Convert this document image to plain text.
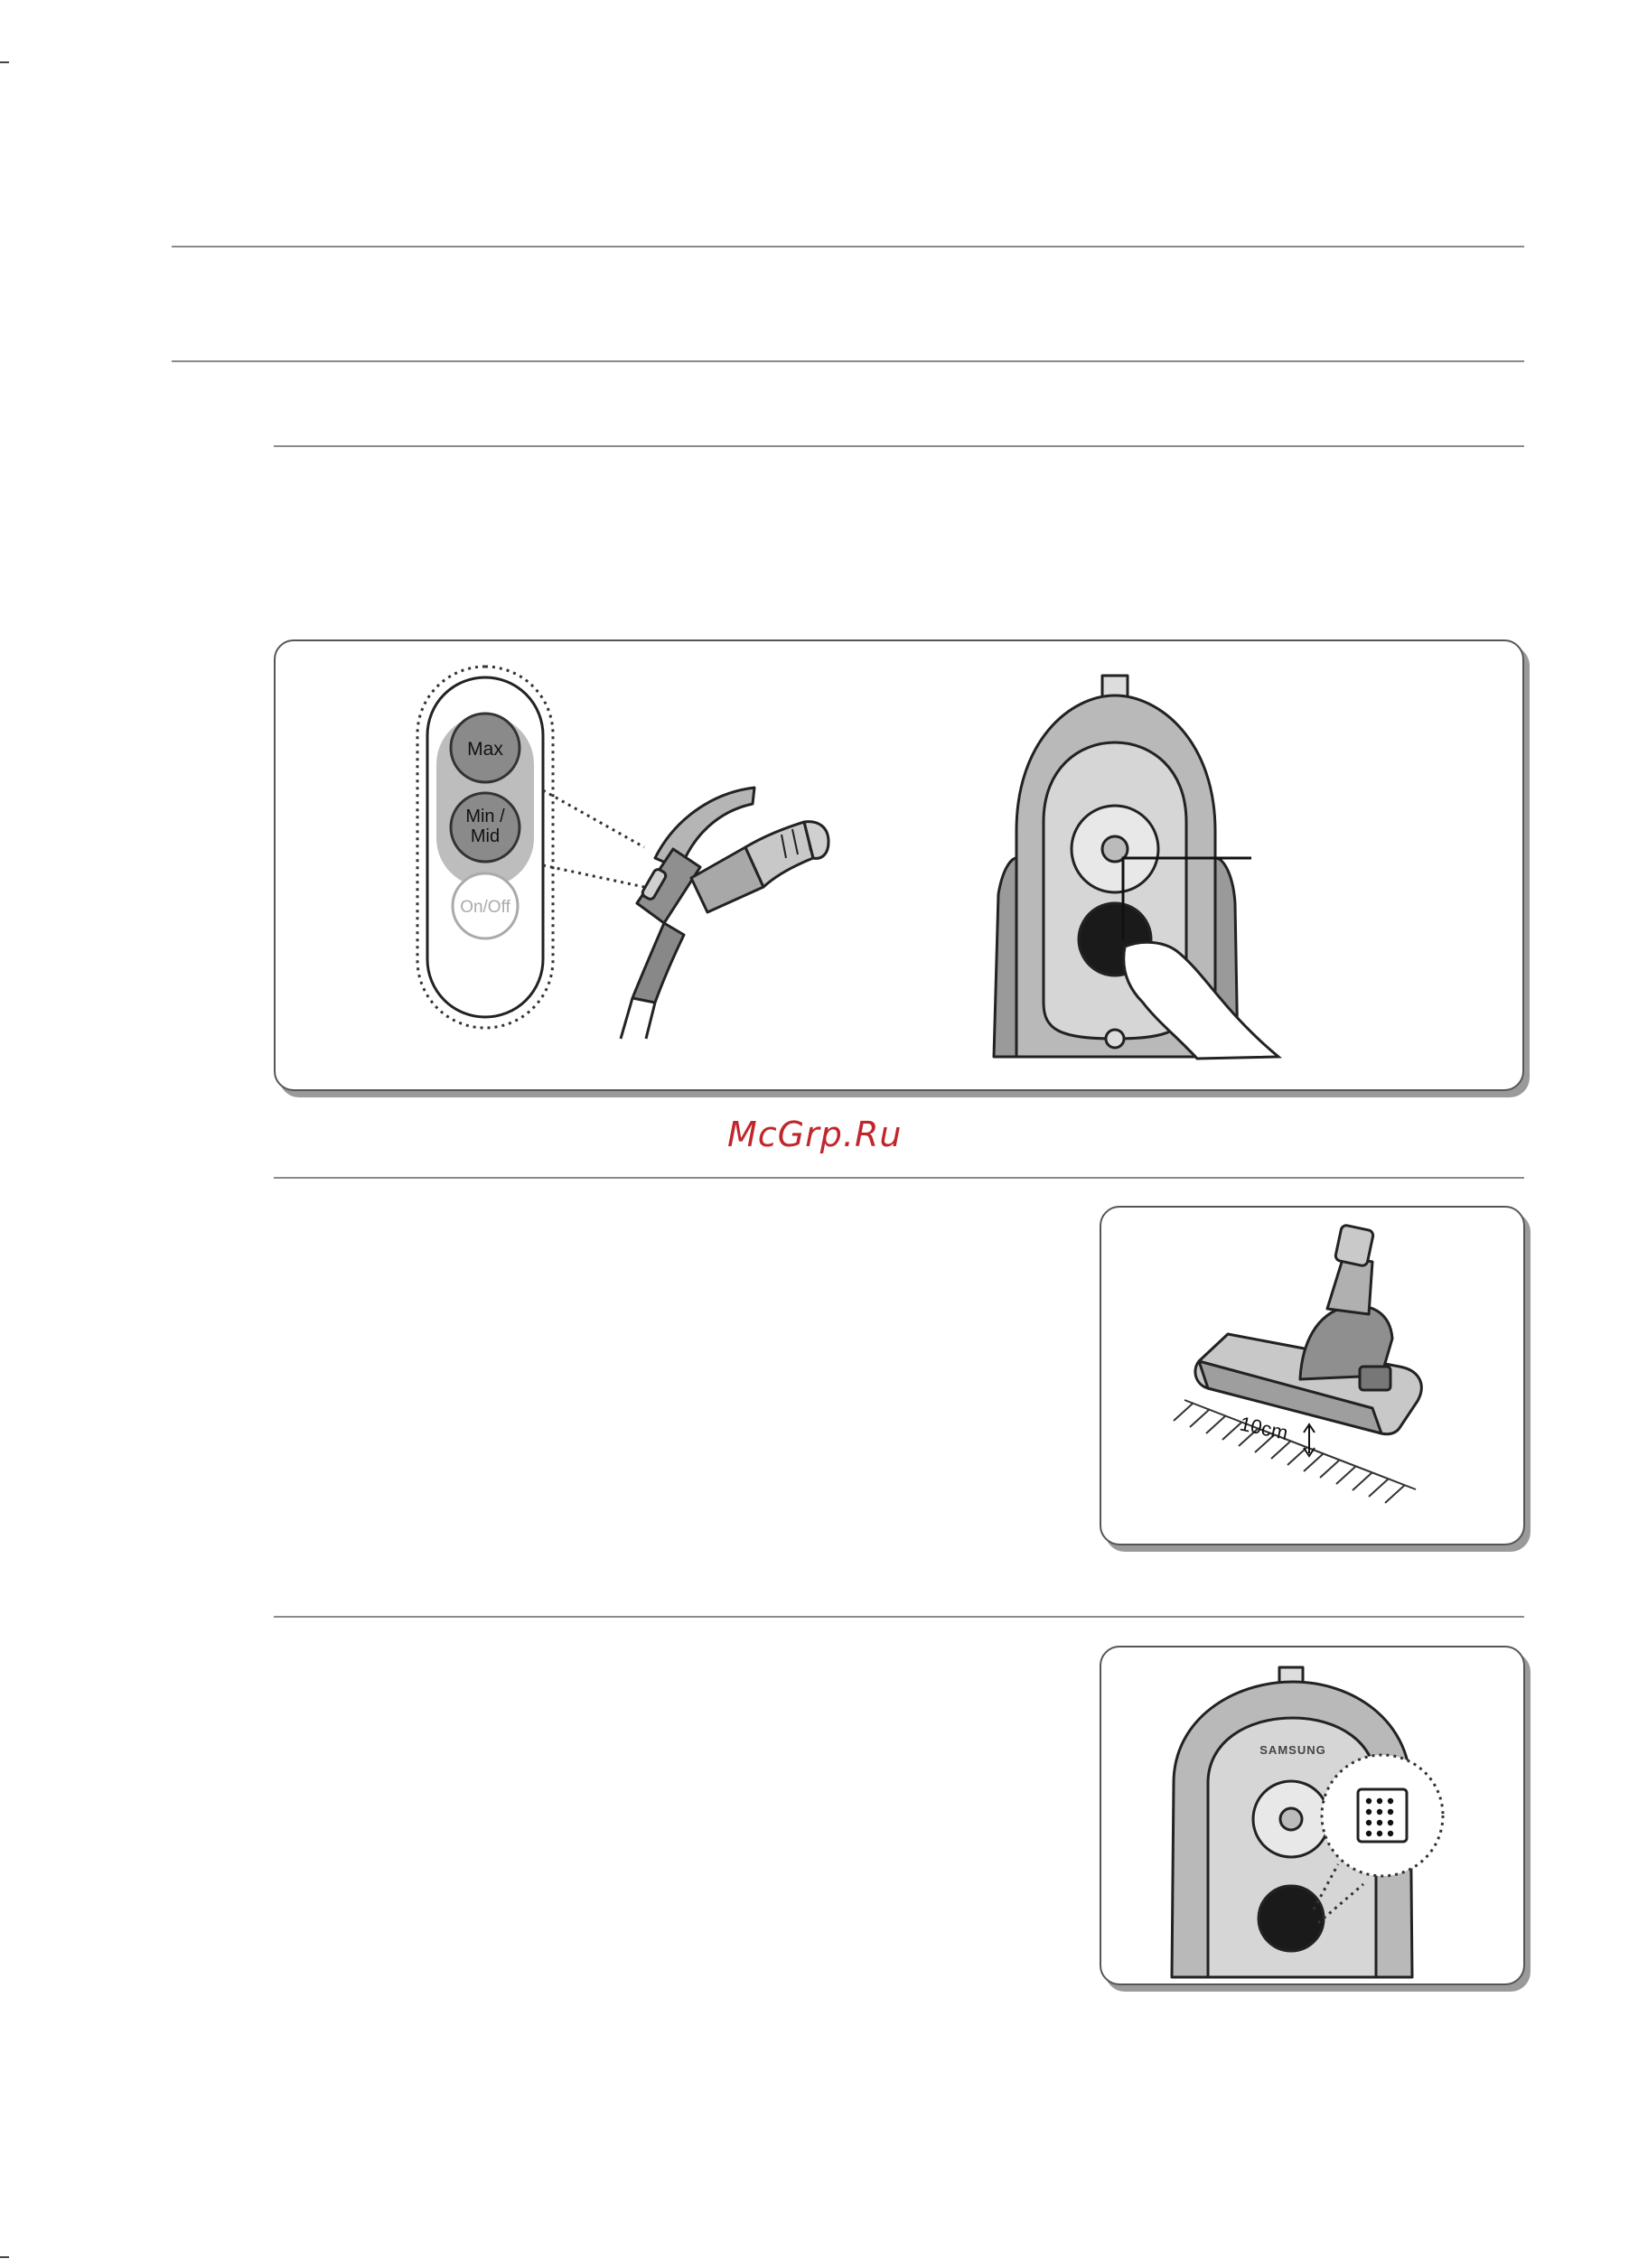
Max
Min /
Mid
On/Off

McGrp.Ru

10cm
SAMSUNG
